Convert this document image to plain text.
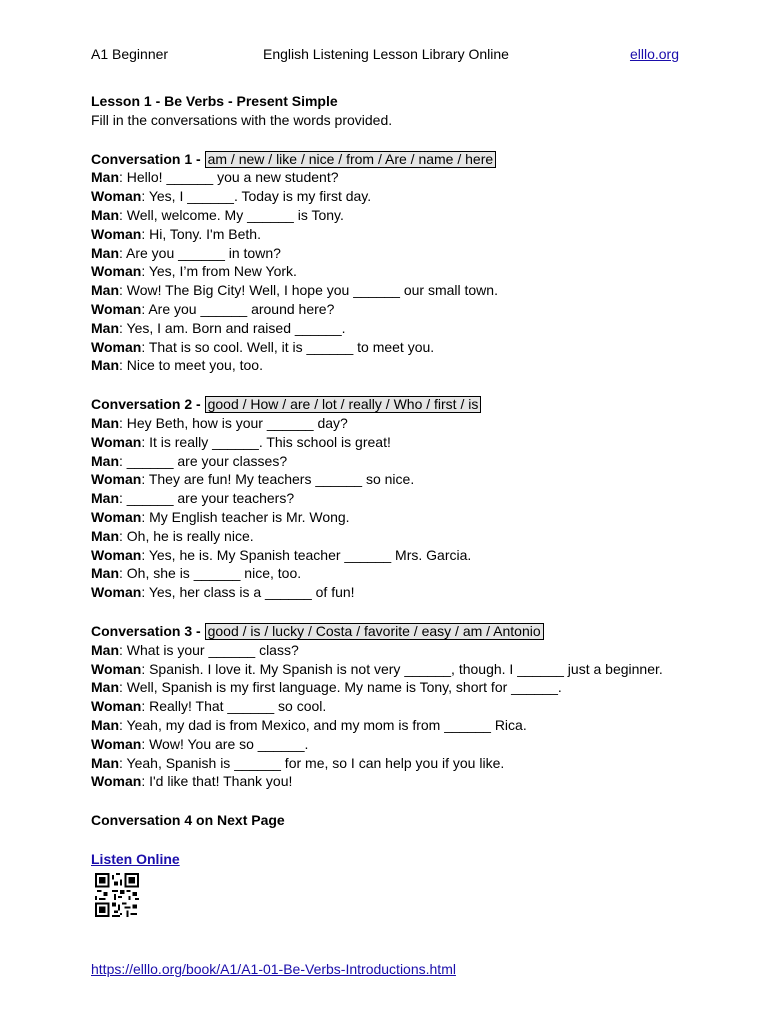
A1 Beginner	English Listening Lesson Library Online	elllo.org
Lesson 1 - Be Verbs - Present Simple
Fill in the conversations with the words provided.
Conversation 1 - am / new / like / nice / from / Are / name / here
Man: Hello! ______ you a new student?
Woman: Yes, I ______. Today is my first day.
Man: Well, welcome. My ______ is Tony.
Woman: Hi, Tony. I'm Beth.
Man: Are you ______ in town?
Woman: Yes, I’m from New York.
Man: Wow! The Big City! Well, I hope you ______ our small town.
Woman: Are you ______ around here?
Man: Yes, I am. Born and raised ______.
Woman: That is so cool. Well, it is ______ to meet you.
Man: Nice to meet you, too.
Conversation 2 - good / How / are / lot / really / Who / first / is
Man: Hey Beth, how is your ______ day?
Woman: It is really ______. This school is great!
Man: ______ are your classes?
Woman: They are fun! My teachers ______ so nice.
Man: ______ are your teachers?
Woman: My English teacher is Mr. Wong.
Man: Oh, he is really nice.
Woman: Yes, he is. My Spanish teacher ______ Mrs. Garcia.
Man: Oh, she is ______ nice, too.
Woman: Yes, her class is a ______ of fun!
Conversation 3 - good / is / lucky / Costa / favorite / easy / am / Antonio
Man: What is your ______ class?
Woman: Spanish. I love it. My Spanish is not very ______, though. I ______ just a beginner.
Man: Well, Spanish is my first language. My name is Tony, short for ______.
Woman: Really! That ______ so cool.
Man: Yeah, my dad is from Mexico, and my mom is from ______ Rica.
Woman: Wow! You are so ______.
Man: Yeah, Spanish is ______ for me, so I can help you if you like.
Woman: I'd like that! Thank you!
Conversation 4 on Next Page
Listen Online
https://elllo.org/book/A1/A1-01-Be-Verbs-Introductions.html
